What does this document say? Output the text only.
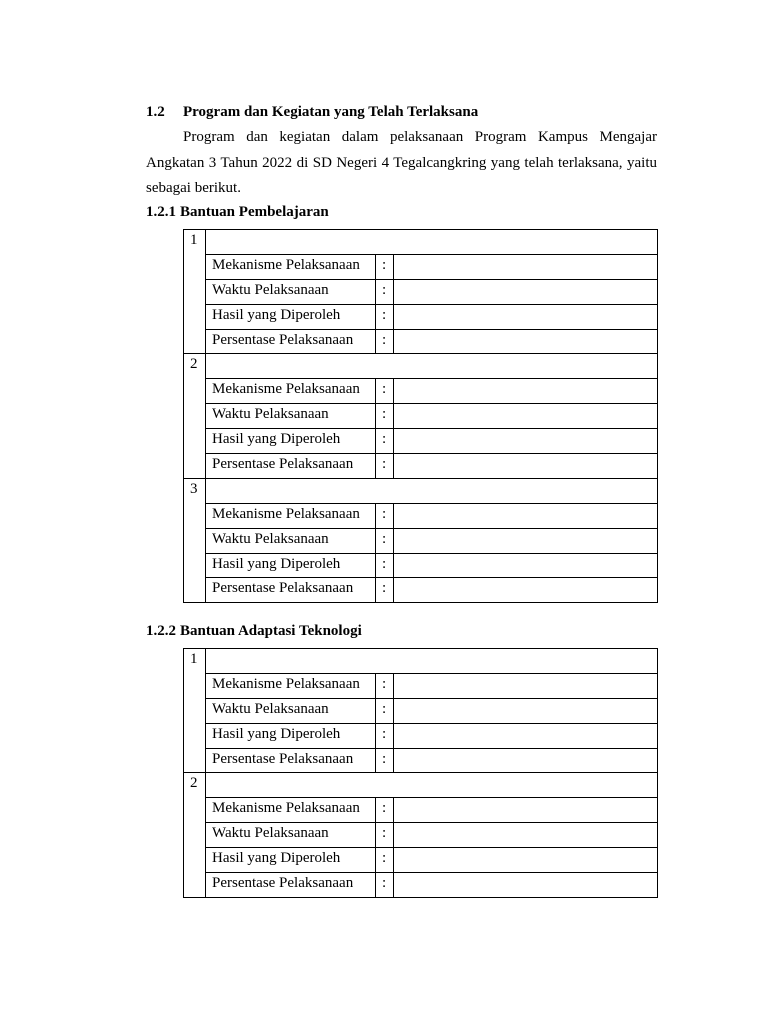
1.2 Program dan Kegiatan yang Telah Terlaksana

Program dan kegiatan dalam pelaksanaan Program Kampus Mengajar Angkatan 3 Tahun 2022 di SD Negeri 4 Tegalcangkring yang telah terlaksana, yaitu sebagai berikut.

1.2.1 Bantuan Pembelajaran
1			
	Mekanisme Pelaksanaan	:	
	Waktu Pelaksanaan	:	
	Hasil yang Diperoleh	:	
	Persentase Pelaksanaan	:	
2			
	Mekanisme Pelaksanaan	:	
	Waktu Pelaksanaan	:	
	Hasil yang Diperoleh	:	
	Persentase Pelaksanaan	:	
3			
	Mekanisme Pelaksanaan	:	
	Waktu Pelaksanaan	:	
	Hasil yang Diperoleh	:	
	Persentase Pelaksanaan	:	
1.2.2 Bantuan Adaptasi Teknologi
1			
	Mekanisme Pelaksanaan	:	
	Waktu Pelaksanaan	:	
	Hasil yang Diperoleh	:	
	Persentase Pelaksanaan	:	
2			
	Mekanisme Pelaksanaan	:	
	Waktu Pelaksanaan	:	
	Hasil yang Diperoleh	:	
	Persentase Pelaksanaan	:	
